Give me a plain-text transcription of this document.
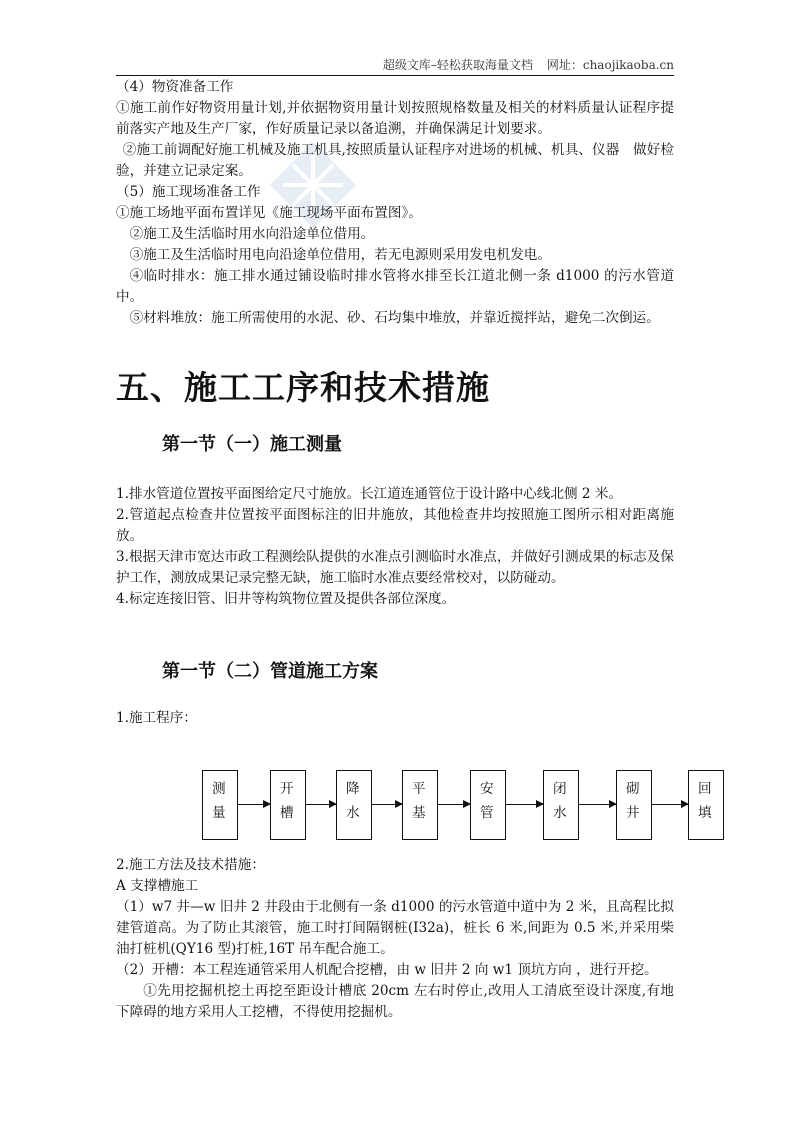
超级文库–轻松获取海量文档 网址：chaojikaoba.cn

（4）物资准备工作

①施工前作好物资用量计划,并依据物资用量计划按照规格数量及相关的材料质量认证程序提前落实产地及生产厂家，作好质量记录以备追溯，并确保满足计划要求。

②施工前调配好施工机械及施工机具,按照质量认证程序对进场的机械、机具、仪器　做好检验，并建立记录定案。

（5）施工现场准备工作

①施工场地平面布置详见《施工现场平面布置图》。

②施工及生活临时用水向沿途单位借用。

③施工及生活临时用电向沿途单位借用，若无电源则采用发电机发电。

④临时排水：施工排水通过铺设临时排水管将水排至长江道北侧一条 d1000 的污水管道中。

⑤材料堆放：施工所需使用的水泥、砂、石均集中堆放，并靠近搅拌站，避免二次倒运。

五、施工工序和技术措施
第一节（一）施工测量

1.排水管道位置按平面图给定尺寸施放。长江道连通管位于设计路中心线北侧 2 米。

2.管道起点检查井位置按平面图标注的旧井施放，其他检查井均按照施工图所示相对距离施放。

3.根据天津市宽达市政工程测绘队提供的水准点引测临时水准点，并做好引测成果的标志及保护工作，测放成果记录完整无缺，施工临时水准点要经常校对，以防碰动。

4.标定连接旧管、旧井等构筑物位置及提供各部位深度。

第一节（二）管道施工方案
1.施工程序：
测
量
开
槽
降
水
平
基
安
管
闭
水
砌
井
回
填

2.施工方法及技术措施：

A 支撑槽施工

（1）w7 井—w 旧井 2 井段由于北侧有一条 d1000 的污水管道中道中为 2 米，且高程比拟建管道高。为了防止其滚管，施工时打间隔钢桩(I32a)，桩长 6 米,间距为 0.5 米,并采用柴油打桩机(QY16 型)打桩,16T 吊车配合施工。

（2）开槽：本工程连通管采用人机配合挖槽，由 w 旧井 2 向 w1 顶坑方向 ，进行开挖。

①先用挖掘机挖土再挖至距设计槽底 20cm 左右时停止,改用人工清底至设计深度,有地下障碍的地方采用人工挖槽，不得使用挖掘机。
